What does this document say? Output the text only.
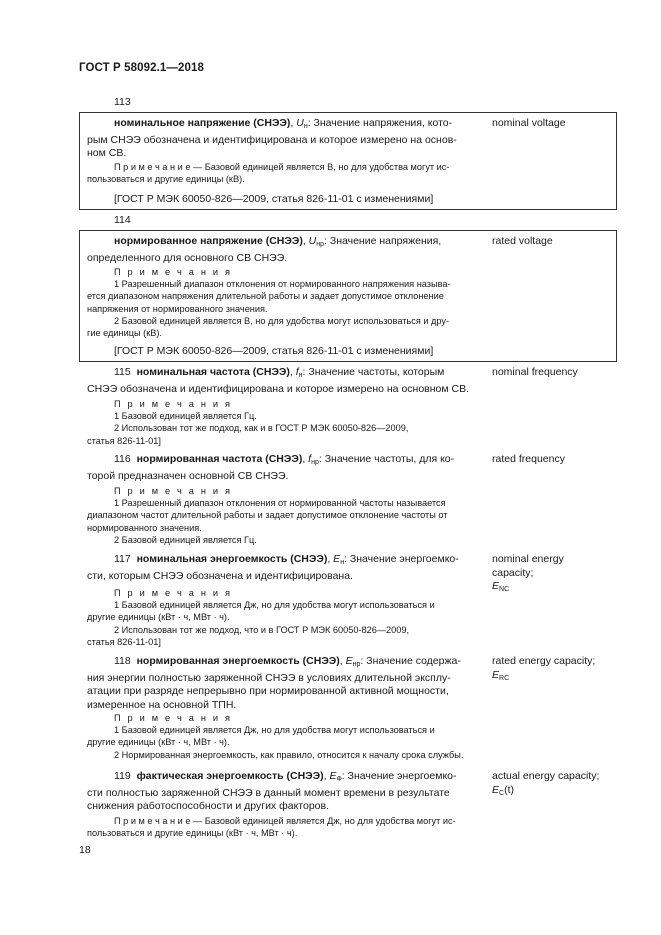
ГОСТ Р 58092.1—2018
113
номинальное напряжение (СНЭЭ), $U_н$: Значение напряжения, кото-
рым СНЭЭ обозначена и идентифицирована и которое измерено на основ-
ном СВ.
П р и м е ч а н и е — Базовой единицей является В, но для удобства могут ис-
пользоваться и другие единицы (кВ).
[ГОСТ Р МЭК 60050-826—2009, статья 826-11-01 с изменениями]
nominal voltage
114
нормированное напряжение (СНЭЭ), $U_{нр}$: Значение напряжения,
определенного для основного СВ СНЭЭ.
П р и м е ч а н и я
1 Разрешенный диапазон отклонения от нормированного напряжения называ-
ется диапазоном напряжения длительной работы и задает допустимое отклонение
напряжения от нормированного значения.
2 Базовой единицей является В, но для удобства могут использоваться и дру-
гие единицы (кВ).
[ГОСТ Р МЭК 60050-826—2009, статья 826-11-01 с изменениями]
rated voltage
115 номинальная частота (СНЭЭ), $f_н$: Значение частоты, которым
СНЭЭ обозначена и идентифицирована и которое измерено на основном СВ.
П р и м е ч а н и я
1 Базовой единицей является Гц.
2 Использован тот же подход, как и в ГОСТ Р МЭК 60050-826—2009,
статья 826-11-01]
nominal frequency
116 нормированная частота (СНЭЭ), $f_{нр}$: Значение частоты, для ко-
торой предназначен основной СВ СНЭЭ.
П р и м е ч а н и я
1 Разрешенный диапазон отклонения от нормированной частоты называется
диапазоном частот длительной работы и задает допустимое отклонение частоты от
нормированного значения.
2 Базовой единицей является Гц.
rated frequency
117 номинальная энергоемкость (СНЭЭ), $E_н$: Значение энергоемко-
сти, которым СНЭЭ обозначена и идентифицирована.
П р и м е ч а н и я
1 Базовой единицей является Дж, но для удобства могут использоваться и
другие единицы (кВт · ч, МВт · ч).
2 Использован тот же подход, что и в ГОСТ Р МЭК 60050-826—2009,
статья 826-11-01]
nominal energy
capacity;
$E_{NC}$
118 нормированная энергоемкость (СНЭЭ), $E_{нр}$: Значение содержа-
ния энергии полностью заряженной СНЭЭ в условиях длительной эксплу-
атации при разряде непрерывно при нормированной активной мощности,
измеренное на основной ТПН.
П р и м е ч а н и я
1 Базовой единицей является Дж, но для удобства могут использоваться и
другие единицы (кВт · ч, МВт · ч).
2 Нормированная энергоемкость, как правило, относится к началу срока службы.
rated energy capacity;
$E_{RC}$
119 фактическая энергоемкость (СНЭЭ), $E_Ф$: Значение энергоемко-
сти полностью заряженной СНЭЭ в данный момент времени в результате
снижения работоспособности и других факторов.
П р и м е ч а н и е — Базовой единицей является Дж, но для удобства могут ис-
пользоваться и другие единицы (кВт · ч, МВт · ч).
actual energy capacity;
$E_C(t)$
18
